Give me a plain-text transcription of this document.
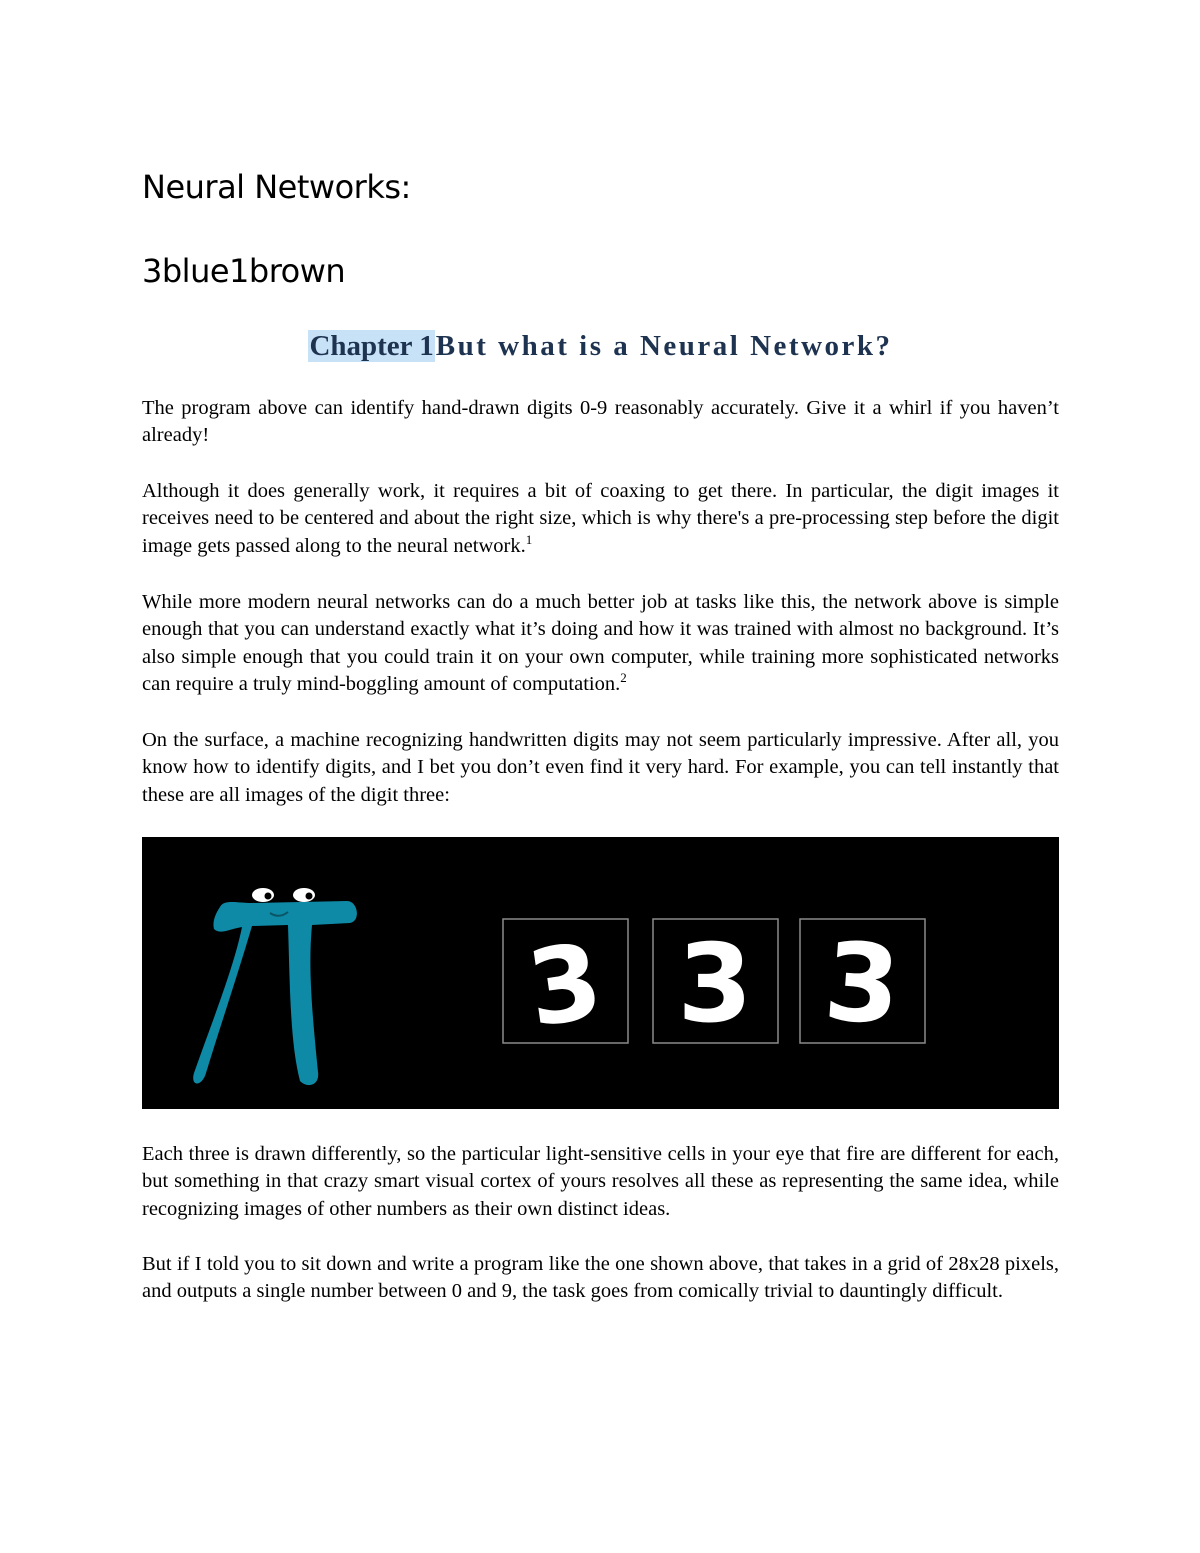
Neural Networks:
3blue1brown
Chapter 1But what is a Neural Network?

The program above can identify hand-drawn digits 0-9 reasonably accurately. Give it a whirl if you haven’t already!

Although it does generally work, it requires a bit of coaxing to get there. In particular, the digit images it receives need to be centered and about the right size, which is why there's a pre-processing step before the digit image gets passed along to the neural network.$^1$

While more modern neural networks can do a much better job at tasks like this, the network above is simple enough that you can understand exactly what it’s doing and how it was trained with almost no background. It’s also simple enough that you could train it on your own computer, while training more sophisticated networks can require a truly mind-boggling amount of computation.$^2$

On the surface, a machine recognizing handwritten digits may not seem particularly impressive. After all, you know how to identify digits, and I bet you don’t even find it very hard. For example, you can tell instantly that these are all images of the digit three:

3 3 3

Each three is drawn differently, so the particular light-sensitive cells in your eye that fire are different for each, but something in that crazy smart visual cortex of yours resolves all these as representing the same idea, while recognizing images of other numbers as their own distinct ideas.

But if I told you to sit down and write a program like the one shown above, that takes in a grid of 28x28 pixels, and outputs a single number between 0 and 9, the task goes from comically trivial to dauntingly difficult.
